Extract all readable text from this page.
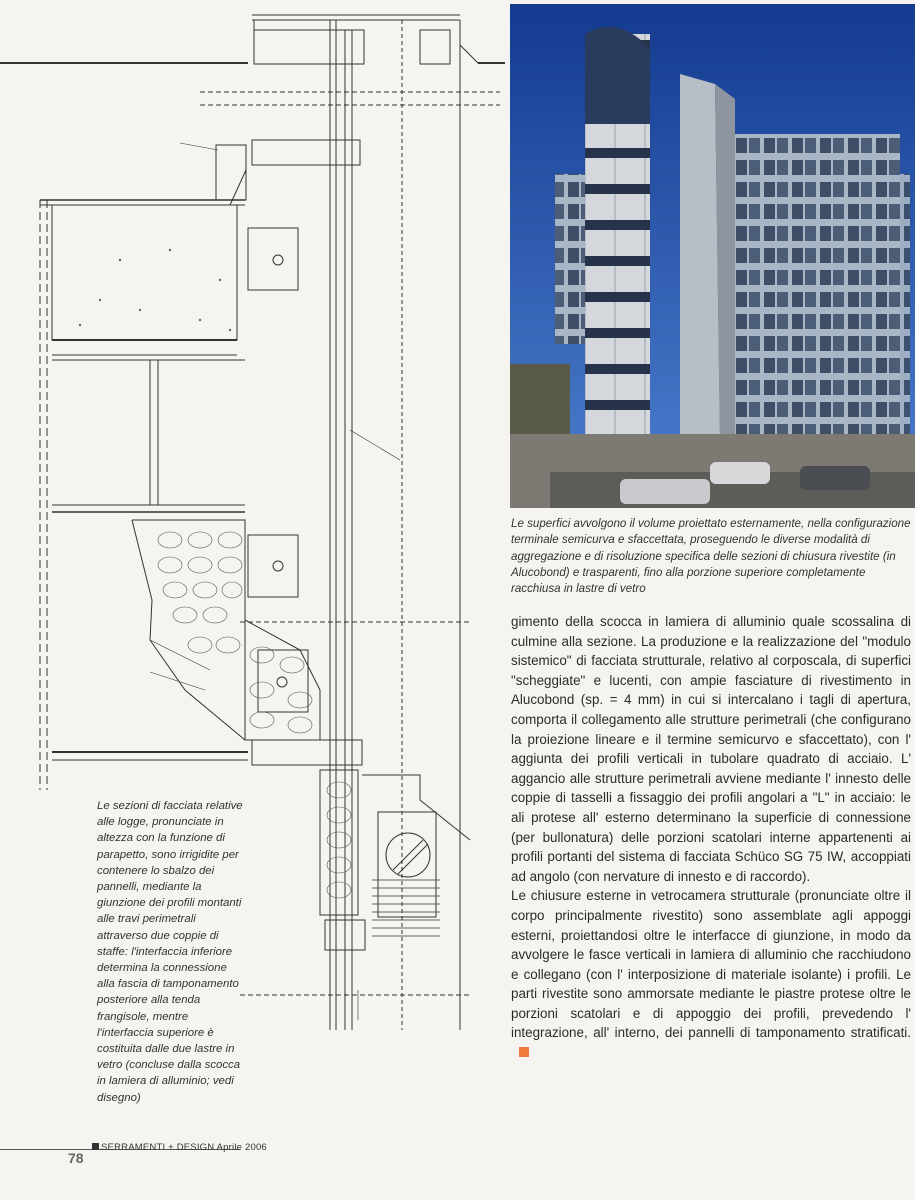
Le superfici avvolgono il volume proiettato esternamente, nella configurazione terminale semicurva e sfaccettata, proseguendo le diverse modalità di aggregazione e di risoluzione specifica delle sezioni di chiusura rivestite (in Alucobond) e trasparenti, fino alla porzione superiore completamente racchiusa in lastre di vetro

gimento della scocca in lamiera di alluminio quale scossalina di culmine alla sezione. La produzione e la realizzazione del "modulo sistemico" di facciata strutturale, relativo al corposcala, di superfici "scheggiate" e lucenti, con ampie fasciature di rivestimento in Alucobond (sp. = 4 mm) in cui si intercalano i tagli di apertura, comporta il collegamento alle strutture perimetrali (che configurano la proiezione lineare e il termine semicurvo e sfaccettato), con l' aggiunta dei profili verticali in tubolare quadrato di acciaio. L' aggancio alle strutture perimetrali avviene mediante l' innesto delle coppie di tasselli a fissaggio dei profili angolari a "L" in acciaio: le ali protese all' esterno determinano la superficie di connessione (per bullonatura) delle porzioni scatolari interne appartenenti ai profili portanti del sistema di facciata Schüco SG 75 IW, accoppiati ad angolo (con nervature di innesto e di raccordo).

Le chiusure esterne in vetrocamera strutturale (pronunciate oltre il corpo principalmente rivestito) sono assemblate agli appoggi esterni, proiettandosi oltre le interfacce di giunzione, in modo da avvolgere le fasce verticali in lamiera di alluminio che racchiudono e collegano (con l' interposizione di materiale isolante) i profili. Le parti rivestite sono ammorsate mediante le piastre protese oltre le porzioni scatolari e di appoggio dei profili, prevedendo l' integrazione, all' interno, dei pannelli di tamponamento stratificati.

Le sezioni di facciata relative alle logge, pronunciate in altezza con la funzione di parapetto, sono irrigidite per contenere lo sbalzo dei pannelli, mediante la giunzione dei profili montanti alle travi perimetrali attraverso due coppie di staffe: l'interfaccia inferiore determina la connessione alla fascia di tamponamento posteriore alla tenda frangisole, mentre l'interfaccia superiore è costituita dalle due lastre in vetro (concluse dalla scocca in lamiera di alluminio; vedi disegno)
78
SERRAMENTI + DESIGN Aprile 2006
